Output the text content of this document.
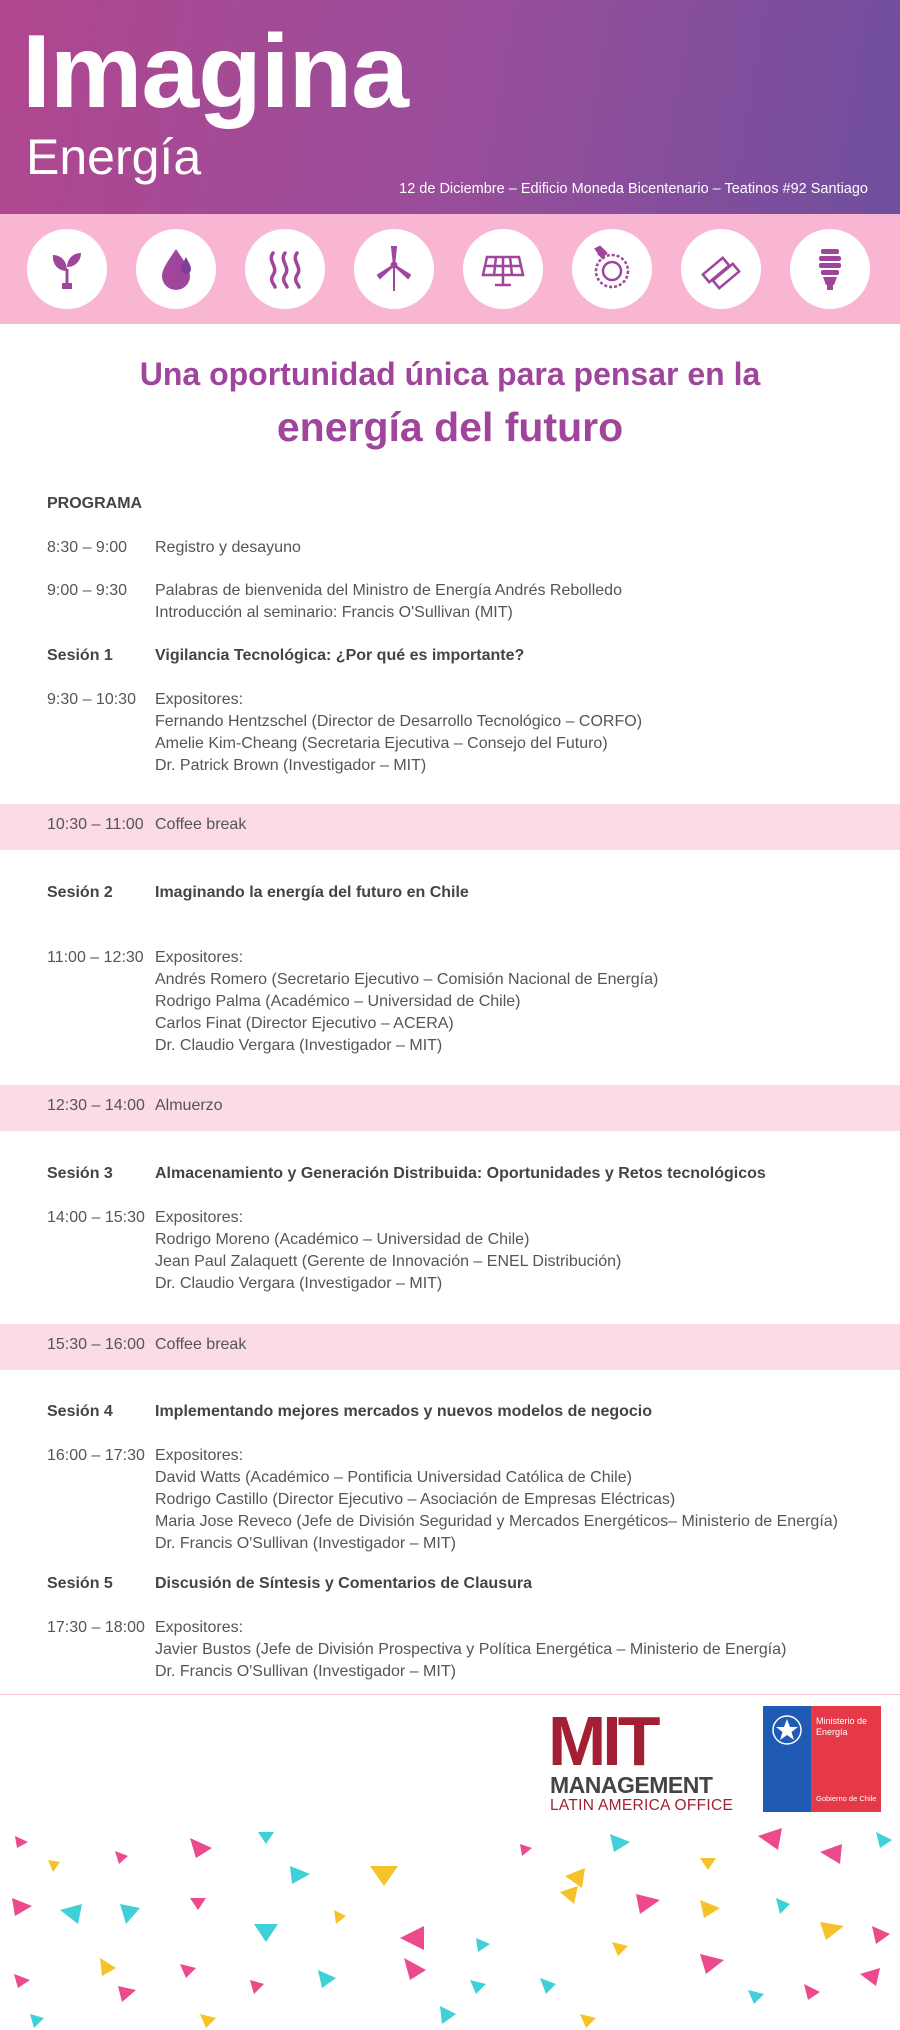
Imagina
Energía
12 de Diciembre – Edificio Moneda Bicentenario – Teatinos #92 Santiago
Una oportunidad única para pensar en la
energía del futuro
PROGRAMA
8:30 – 9:00	Registro y desayuno
9:00 – 9:30	Palabras de bienvenida del Ministro de Energía Andrés Rebolledo
Introducción al seminario: Francis O'Sullivan (MIT)
Sesión 1	Vigilancia Tecnológica: ¿Por qué es importante?
9:30 – 10:30	Expositores:
Fernando Hentzschel (Director de Desarrollo Tecnológico – CORFO)
Amelie Kim-Cheang (Secretaria Ejecutiva – Consejo del Futuro)
Dr. Patrick Brown (Investigador – MIT)
10:30 – 11:00 Coffee break
Sesión 2	Imaginando la energía del futuro en Chile
11:00 – 12:30 Expositores:
Andrés Romero (Secretario Ejecutivo – Comisión Nacional de Energía)
Rodrigo Palma (Académico – Universidad de Chile)
Carlos Finat (Director Ejecutivo – ACERA)
Dr. Claudio Vergara (Investigador – MIT)
12:30 – 14:00 Almuerzo
Sesión 3	Almacenamiento y Generación Distribuida: Oportunidades y Retos tecnológicos
14:00 – 15:30 Expositores:
Rodrigo Moreno (Académico – Universidad de Chile)
Jean Paul Zalaquett (Gerente de Innovación – ENEL Distribución)
Dr. Claudio Vergara (Investigador – MIT)
15:30 – 16:00 Coffee break
Sesión 4	Implementando mejores mercados y nuevos modelos de negocio
16:00 – 17:30 Expositores:
David Watts (Académico – Pontificia Universidad Católica de Chile)
Rodrigo Castillo (Director Ejecutivo – Asociación de Empresas Eléctricas)
Maria Jose Reveco (Jefe de División Seguridad y Mercados Energéticos– Ministerio de Energía)
Dr. Francis O'Sullivan (Investigador – MIT)
Sesión 5	Discusión de Síntesis y Comentarios de Clausura
17:30 – 18:00 Expositores:
Javier Bustos (Jefe de División Prospectiva y Política Energética – Ministerio de Energía)
Dr. Francis O'Sullivan (Investigador – MIT)
MIT
MANAGEMENT
LATIN AMERICA OFFICE
Ministerio de Energía
Gobierno de Chile
